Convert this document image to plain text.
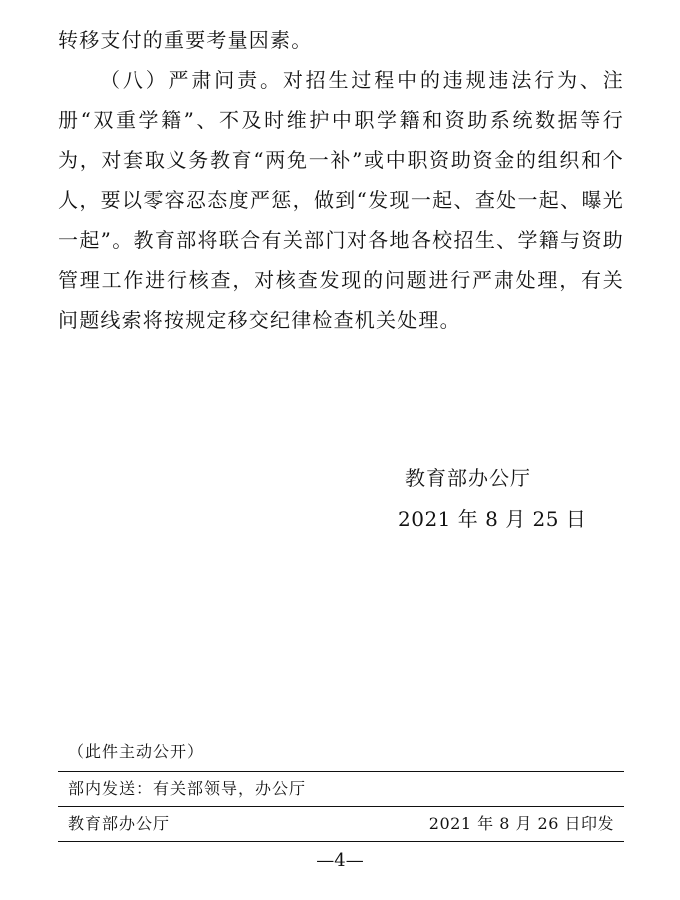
转移支付的重要考量因素。

（八）严肃问责。对招生过程中的违规违法行为、注册“双重学籍”、不及时维护中职学籍和资助系统数据等行为，对套取义务教育“两免一补”或中职资助资金的组织和个人，要以零容忍态度严惩，做到“发现一起、查处一起、曝光一起”。教育部将联合有关部门对各地各校招生、学籍与资助管理工作进行核查，对核查发现的问题进行严肃处理，有关问题线索将按规定移交纪律检查机关处理。

教育部办公厅
2021 年 8 月 25 日
（此件主动公开）
部内发送：有关部领导，办公厅
教育部办公厅	2021 年 8 月 26 日印发
—4—
